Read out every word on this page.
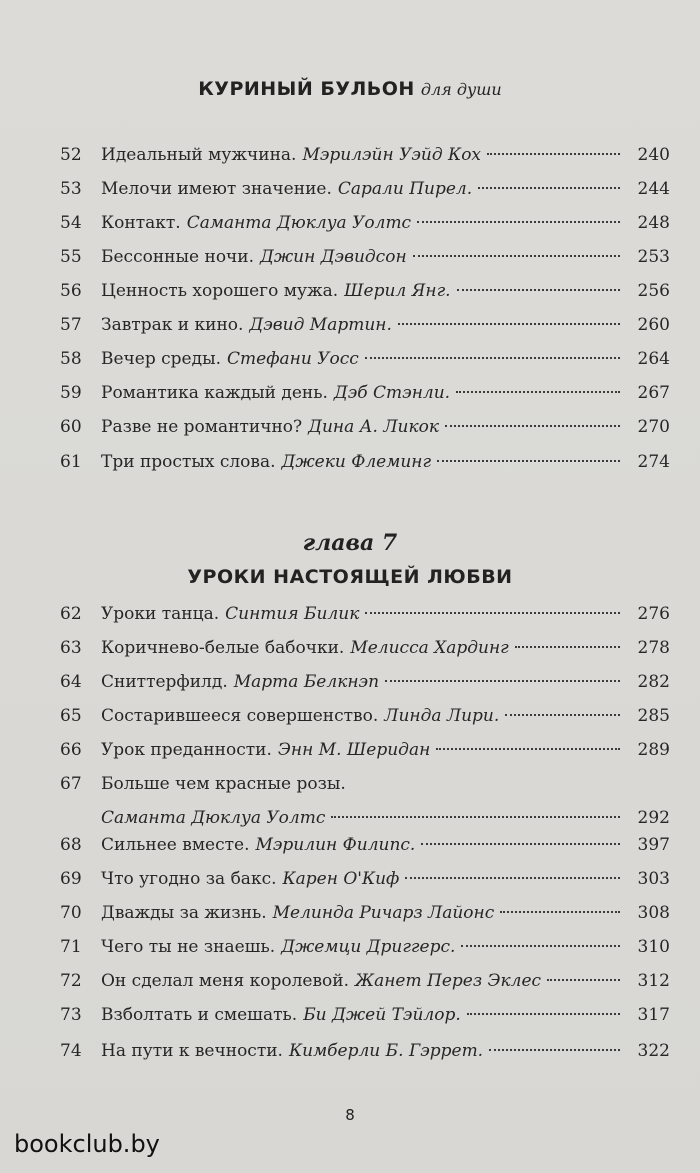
КУРИНЫЙ БУЛЬОН для души
52	Идеальный мужчина. Мэрилэйн Уэйд Кох	240
53	Мелочи имеют значение. Сарали Пирел.	244
54	Контакт. Саманта Дюклуа Уолтс	248
55	Бессонные ночи. Джин Дэвидсон	253
56	Ценность хорошего мужа. Шерил Янг.	256
57	Завтрак и кино. Дэвид Мартин.	260
58	Вечер среды. Стефани Уосс	264
59	Романтика каждый день. Дэб Стэнли.	267
60	Разве не романтично? Дина А. Ликок	270
61	Три простых слова. Джеки Флеминг	274
глава 7
УРОКИ НАСТОЯЩЕЙ ЛЮБВИ
62	Уроки танца. Синтия Билик	276
63	Коричнево-белые бабочки. Мелисса Хардинг	278
64	Сниттерфилд. Марта Белкнэп	282
65	Состарившееся совершенство. Линда Лири.	285
66	Урок преданности. Энн М. Шеридан	289
67	Больше чем красные розы.
Саманта Дюклуа Уолтс	292
68	Сильнее вместе. Мэрилин Филипс.	397
69	Что угодно за бакс. Карен О'Киф	303
70	Дважды за жизнь. Мелинда Ричарз Лайонс	308
71	Чего ты не знаешь. Джемци Дриггерс.	310
72	Он сделал меня королевой. Жанет Перез Эклес	312
73	Взболтать и смешать. Би Джей Тэйлор.	317
74	На пути к вечности. Кимберли Б. Гэррет.	322
8
bookclub.by
